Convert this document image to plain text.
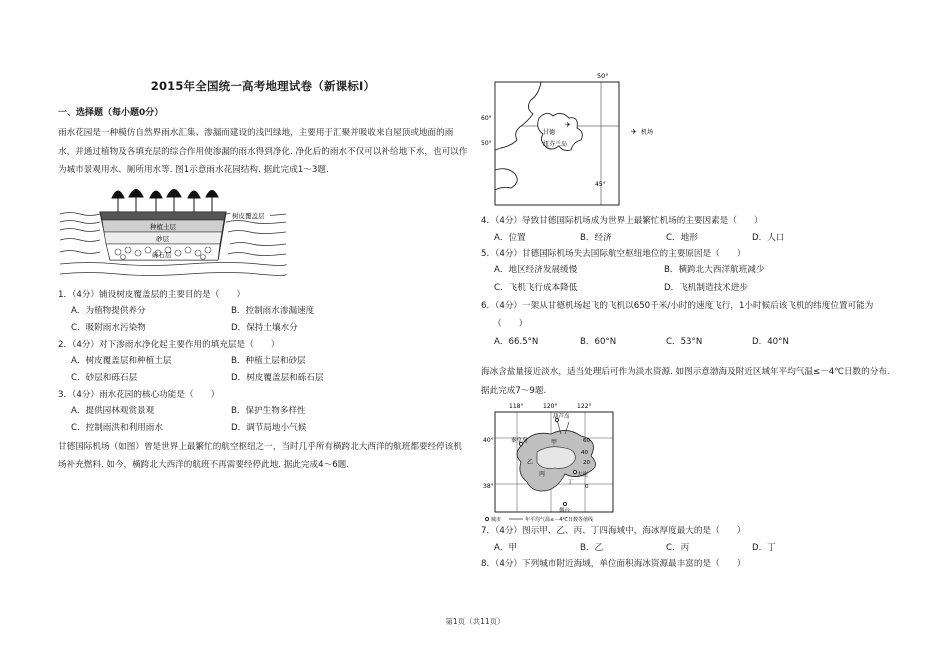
2015年全国统一高考地理试卷（新课标Ⅰ）
一、选择题（每小题0分）

雨水花园是一种模仿自然界雨水汇集、渗漏而建设的浅凹绿地，主要用于汇聚并吸收来自屋顶或地面的雨水，并通过植物及各填充层的综合作用使渗漏的雨水得到净化. 净化后的雨水不仅可以补给地下水，也可以作为城市景观用水、厕所用水等. 图1示意雨水花园结构. 据此完成1～3题.

树皮覆盖层
种植土层
砂层
砾石层
1．（4分）铺设树皮覆盖层的主要目的是（　　）
A．为植物提供养分	B．控制雨水渗漏速度
C．吸附雨水污染物	D．保持土壤水分
2．（4分）对下渗雨水净化起主要作用的填充层是（　　）
A．树皮覆盖层和种植土层	B．种植土层和砂层
C．砂层和砾石层	D．树皮覆盖层和砾石层
3．（4分）雨水花园的核心功能是（　　）
A．提供园林观赏景观	B．保护生物多样性
C．控制雨洪和利用雨水	D．调节局地小气候

甘德国际机场（如图）曾是世界上最繁忙的航空枢纽之一，当时几乎所有横跨北大西洋的航班都要经停该机场补充燃料. 如今，横跨北大西洋的航班不再需要经停此地. 据此完成4～6题.

50°
✈
甘德
纽芬兰岛
60°
50°
45°
✈ 机场
4．（4分）导致甘德国际机场成为世界上最繁忙机场的主要因素是（　　）
A．位置	B．经济	C．地形	D．人口
5．（4分）甘德国际机场失去国际航空枢纽地位的主要原因是（　　）
A．地区经济发展缓慢	B．横跨北大西洋航班减少
C．飞机飞行成本降低	D．飞机制造技术进步
6．（4分）一架从甘德机场起飞的飞机以650千米/小时的速度飞行，1小时候后该飞机的纬度位置可能为（　　）
A．66.5°N	B．60°N	C．53°N	D．40°N

海冰含盐量接近淡水，适当处理后可作为淡水资源. 如图示意渤海及附近区域年平均气温≤－4℃日数的分布. 据此完成7～9题.

118°	120°	122°
葫芦岛
秦皇岛
大连
烟台
甲
乙
丙
丁
60
40
20
0
40°
38°
城市	年平均气温≤－4℃日数等值线
7．（4分）图示甲、乙、丙、丁四海域中，海冰厚度最大的是（　　）
A．甲	B．乙	C．丙	D．丁
8．（4分）下列城市附近海域，单位面积海冰资源最丰富的是（　　）
第1页（共11页）
